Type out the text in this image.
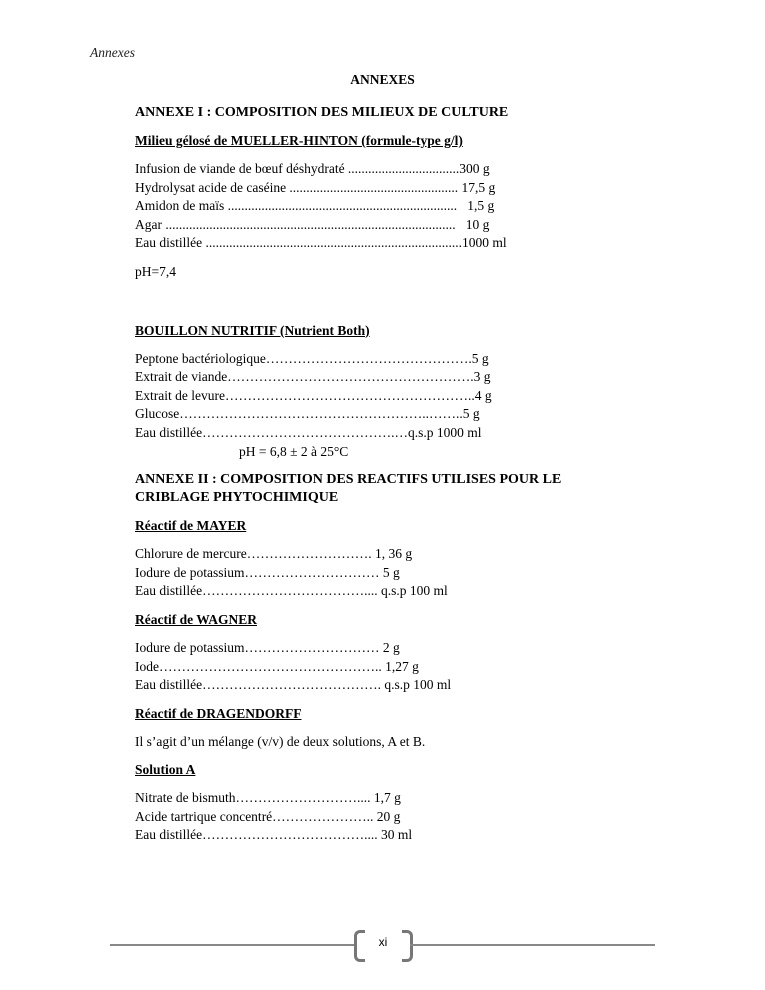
Annexes
ANNEXES
ANNEXE I : COMPOSITION DES MILIEUX DE CULTURE
Milieu gélosé de MUELLER-HINTON (formule-type g/l)
Infusion de viande de bœuf déshydraté .................................300 g
Hydrolysat acide de caséine .................................................. 17,5 g
Amidon de maïs ....................................................................   1,5 g
Agar ......................................................................................   10 g
Eau distillée ............................................................................1000 ml
pH=7,4
BOUILLON NUTRITIF (Nutrient Both)
Peptone bactériologique……………………………………….5 g
Extrait de viande……………………………………………….3 g
Extrait de levure………………………………………………..4 g
Glucose………………………………………………..……..5 g
Eau distillée…………………………………….…q.s.p 1000 ml
pH = 6,8 ± 2 à 25°C
ANNEXE II : COMPOSITION DES REACTIFS UTILISES POUR LE CRIBLAGE PHYTOCHIMIQUE
Réactif de MAYER
Chlorure de mercure………………………. 1, 36 g
Iodure de potassium………………………… 5 g
Eau distillée……………………………….... q.s.p 100 ml
Réactif de WAGNER
Iodure de potassium………………………… 2 g
Iode………………………………………….. 1,27 g
Eau distillée…………………………………. q.s.p 100 ml
Réactif de DRAGENDORFF
Il s’agit d’un mélange (v/v) de deux solutions, A et B.
Solution A
Nitrate de bismuth……………………….... 1,7 g
Acide tartrique concentré………………….. 20 g
Eau distillée……………………………….... 30 ml
xi
